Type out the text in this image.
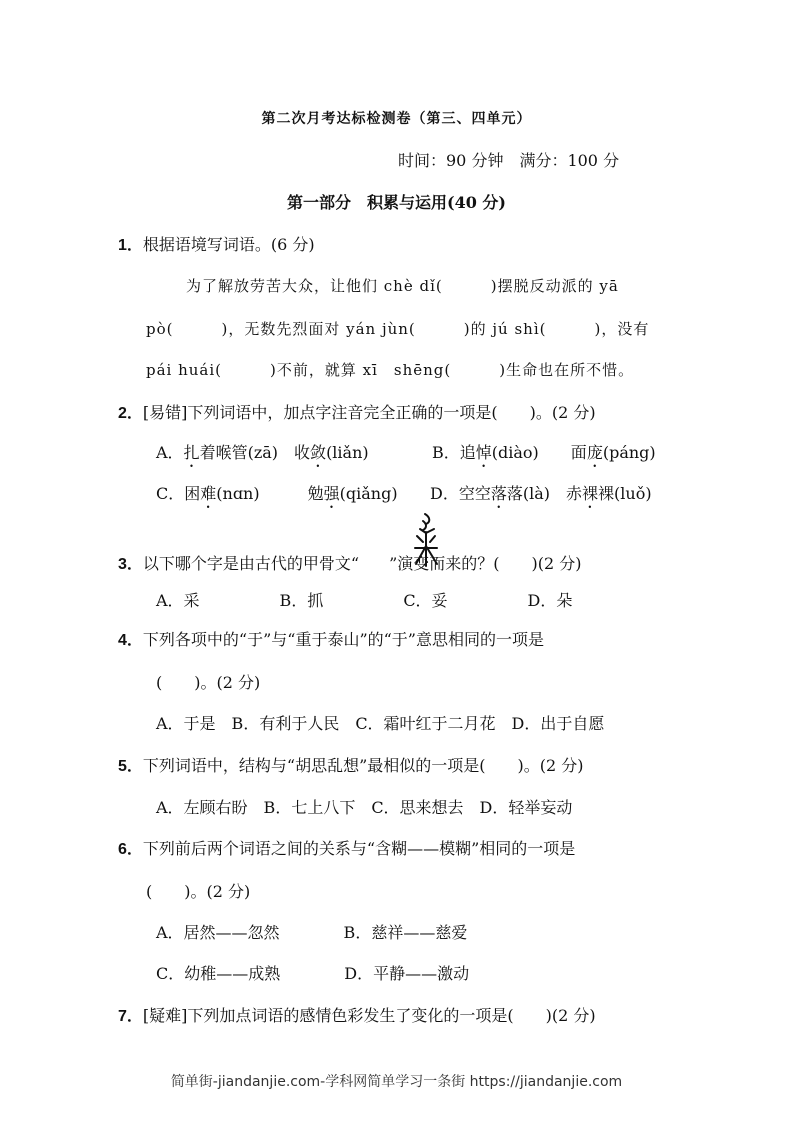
第二次月考达标检测卷（第三、四单元）
时间：90 分钟　满分：100 分
第一部分　积累与运用(40 分)
1．根据语境写词语。(6 分)
为了解放劳苦大众，让他们 chè dǐ(　　　)摆脱反动派的 yā
pò(　　　)，无数先烈面对 yán jùn(　　　)的 jú shì(　　　)，没有
pái huái(　　　)不前，就算 xī　shēng(　　　)生命也在所不惜。
2．[易错]下列词语中，加点字注音完全正确的一项是(　　)。(2 分)
A．扎着喉管(zā)　收敛(liǎn)	B．追悼(diào)　　面庞(páng)
C．困难(nɑn)　　　勉强(qiǎng) D．空空落落(là)　赤裸裸(luǒ)
3．以下哪个字是由古代的甲骨文“ ”演变而来的？(　　)(2 分)
A．采　　　　　B．抓　　　　　C．妥　　　　　D．朵
4．下列各项中的“于”与“重于泰山”的“于”意思相同的一项是
(　　)。(2 分)
A．于是　B．有利于人民　C．霜叶红于二月花　D．出于自愿
5．下列词语中，结构与“胡思乱想”最相似的一项是(　　)。(2 分)
A．左顾右盼　B．七上八下　C．思来想去　D．轻举妄动
6．下列前后两个词语之间的关系与“含糊——模糊”相同的一项是
(　　)。(2 分)
A．居然——忽然　　　　B．慈祥——慈爱
C．幼稚——成熟　　　　D．平静——激动
7．[疑难]下列加点词语的感情色彩发生了变化的一项是(　　)(2 分)
简单街-jiandanjie.com-学科网简单学习一条街 https://jiandanjie.com
